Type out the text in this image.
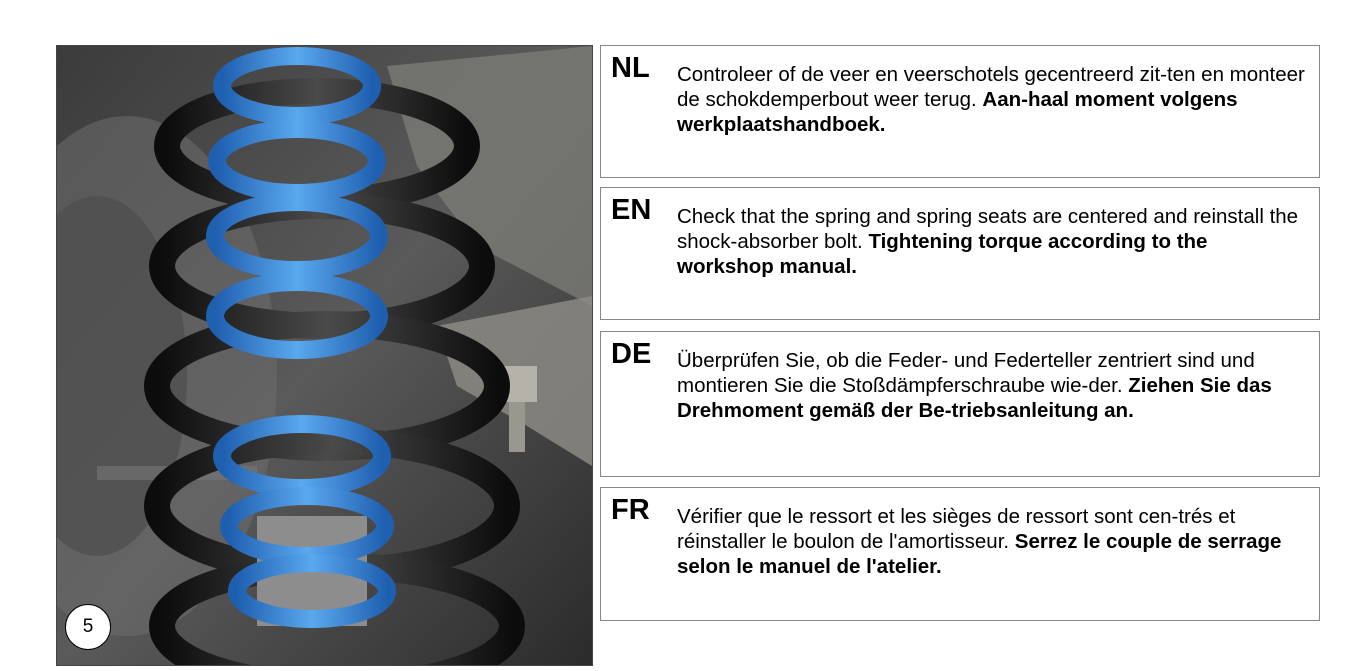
5
NL Controleer of de veer en veerschotels gecentreerd zit-ten en monteer de schokdemperbout weer terug. Aan-haal moment volgens werkplaatshandboek.
EN Check that the spring and spring seats are centered and reinstall the shock-absorber bolt. Tightening torque according to the workshop manual.
DE Überprüfen Sie, ob die Feder- und Federteller zentriert sind und montieren Sie die Stoßdämpferschraube wie-der. Ziehen Sie das Drehmoment gemäß der Be-triebsanleitung an.
FR Vérifier que le ressort et les sièges de ressort sont cen-trés et réinstaller le boulon de l'amortisseur. Serrez le couple de serrage selon le manuel de l'atelier.
